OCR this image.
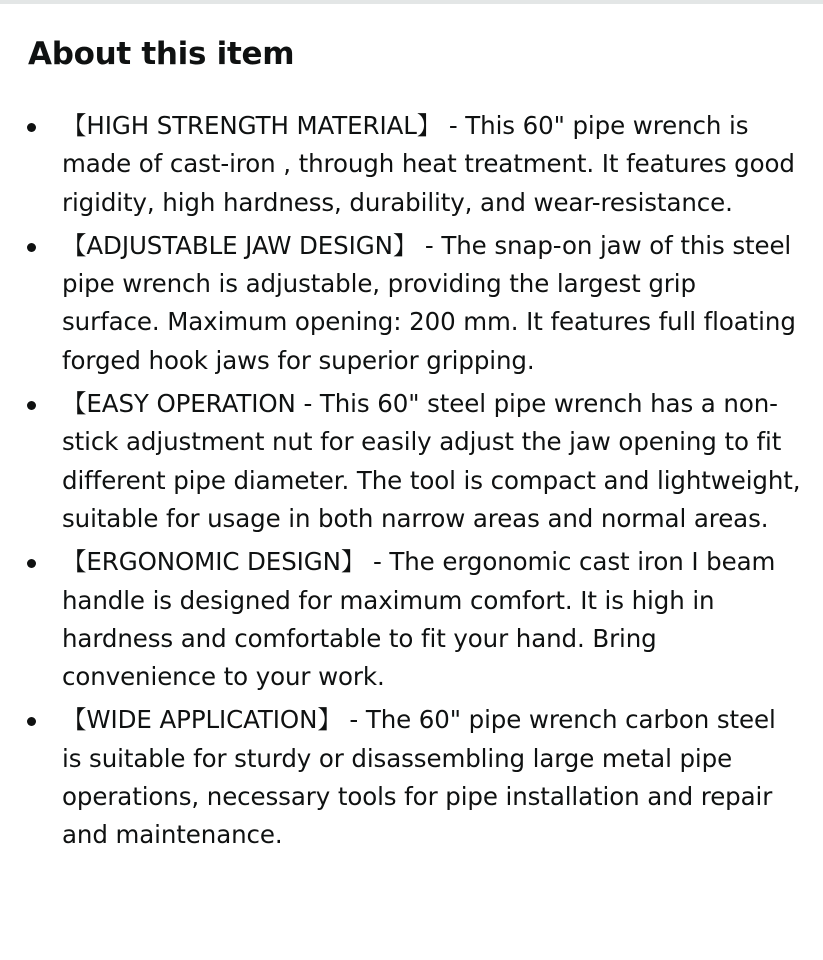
About this item
【HIGH STRENGTH MATERIAL】 - This 60" pipe wrench is made of cast-iron , through heat treatment. It features good rigidity, high hardness, durability, and wear-resistance.
【ADJUSTABLE JAW DESIGN】 - The snap-on jaw of this steel pipe wrench is adjustable, providing the largest grip surface. Maximum opening: 200 mm. It features full floating forged hook jaws for superior gripping.
【EASY OPERATION - This 60" steel pipe wrench has a non-stick adjustment nut for easily adjust the jaw opening to fit different pipe diameter. The tool is compact and lightweight, suitable for usage in both narrow areas and normal areas.
【ERGONOMIC DESIGN】 - The ergonomic cast iron I beam handle is designed for maximum comfort. It is high in hardness and comfortable to fit your hand. Bring convenience to your work.
【WIDE APPLICATION】 - The 60" pipe wrench carbon steel is suitable for sturdy or disassembling large metal pipe operations, necessary tools for pipe installation and repair and maintenance.
